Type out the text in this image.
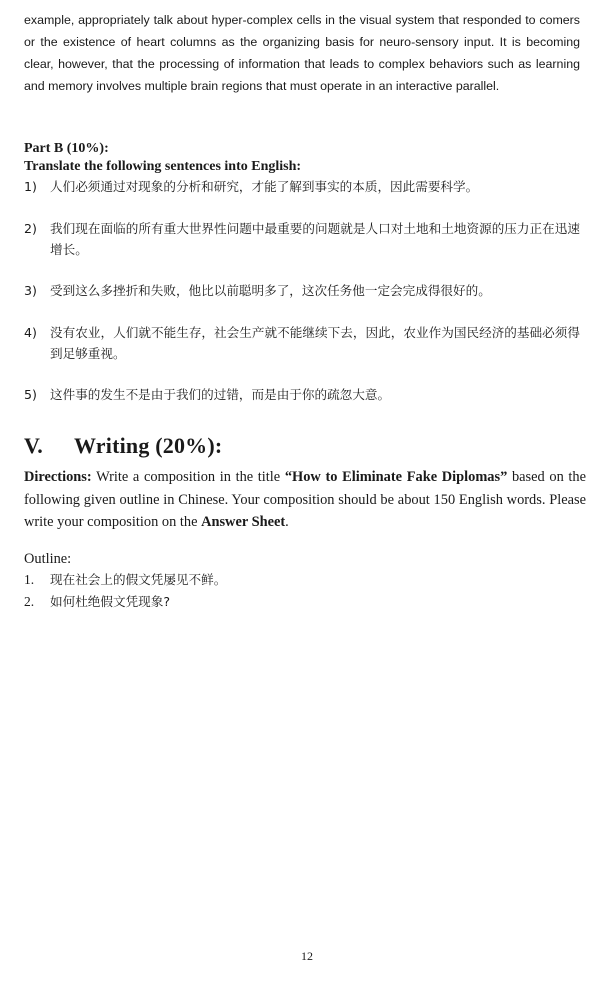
example, appropriately talk about hyper-complex cells in the visual system that responded to comers or the existence of heart columns as the organizing basis for neuro-sensory input. It is becoming clear, however, that the processing of information that leads to complex behaviors such as learning and memory involves multiple brain regions that must operate in an interactive parallel.

Part B (10%):

Translate the following sentences into English:

1)	人们必须通过对现象的分析和研究，才能了解到事实的本质，因此需要科学。
2)	我们现在面临的所有重大世界性问题中最重要的问题就是人口对土地和土地资源的压力正在迅速增长。
3)	受到这么多挫折和失败，他比以前聪明多了，这次任务他一定会完成得很好的。
4)	没有农业，人们就不能生存，社会生产就不能继续下去，因此，农业作为国民经济的基础必须得到足够重视。
5)	这件事的发生不是由于我们的过错，而是由于你的疏忽大意。
V. Writing (20%):

Directions: Write a composition in the title “How to Eliminate Fake Diplomas” based on the following given outline in Chinese. Your composition should be about 150 English words. Please write your composition on the Answer Sheet.

Outline:

1.	现在社会上的假文凭屡见不鲜。
2.	如何杜绝假文凭现象?

12
